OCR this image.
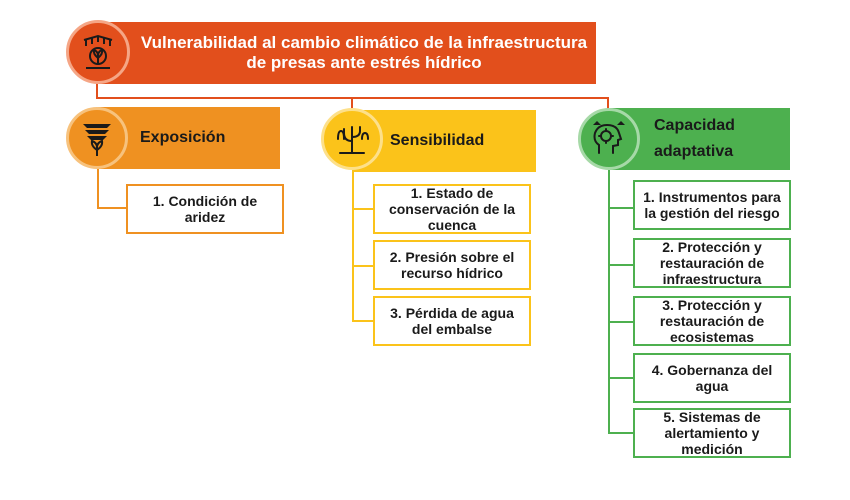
Vulnerabilidad al cambio climático de la infraestructura de presas ante estrés hídrico
Exposición
1. Condición de aridez
Sensibilidad
1. Estado de conservación de la cuenca
2. Presión sobre el recurso hídrico
3. Pérdida de agua del embalse
Capacidad adaptativa
1. Instrumentos para la gestión del riesgo
2. Protección y restauración de infraestructura
3. Protección y restauración de ecosistemas
4. Gobernanza del agua
5. Sistemas de alertamiento y medición
